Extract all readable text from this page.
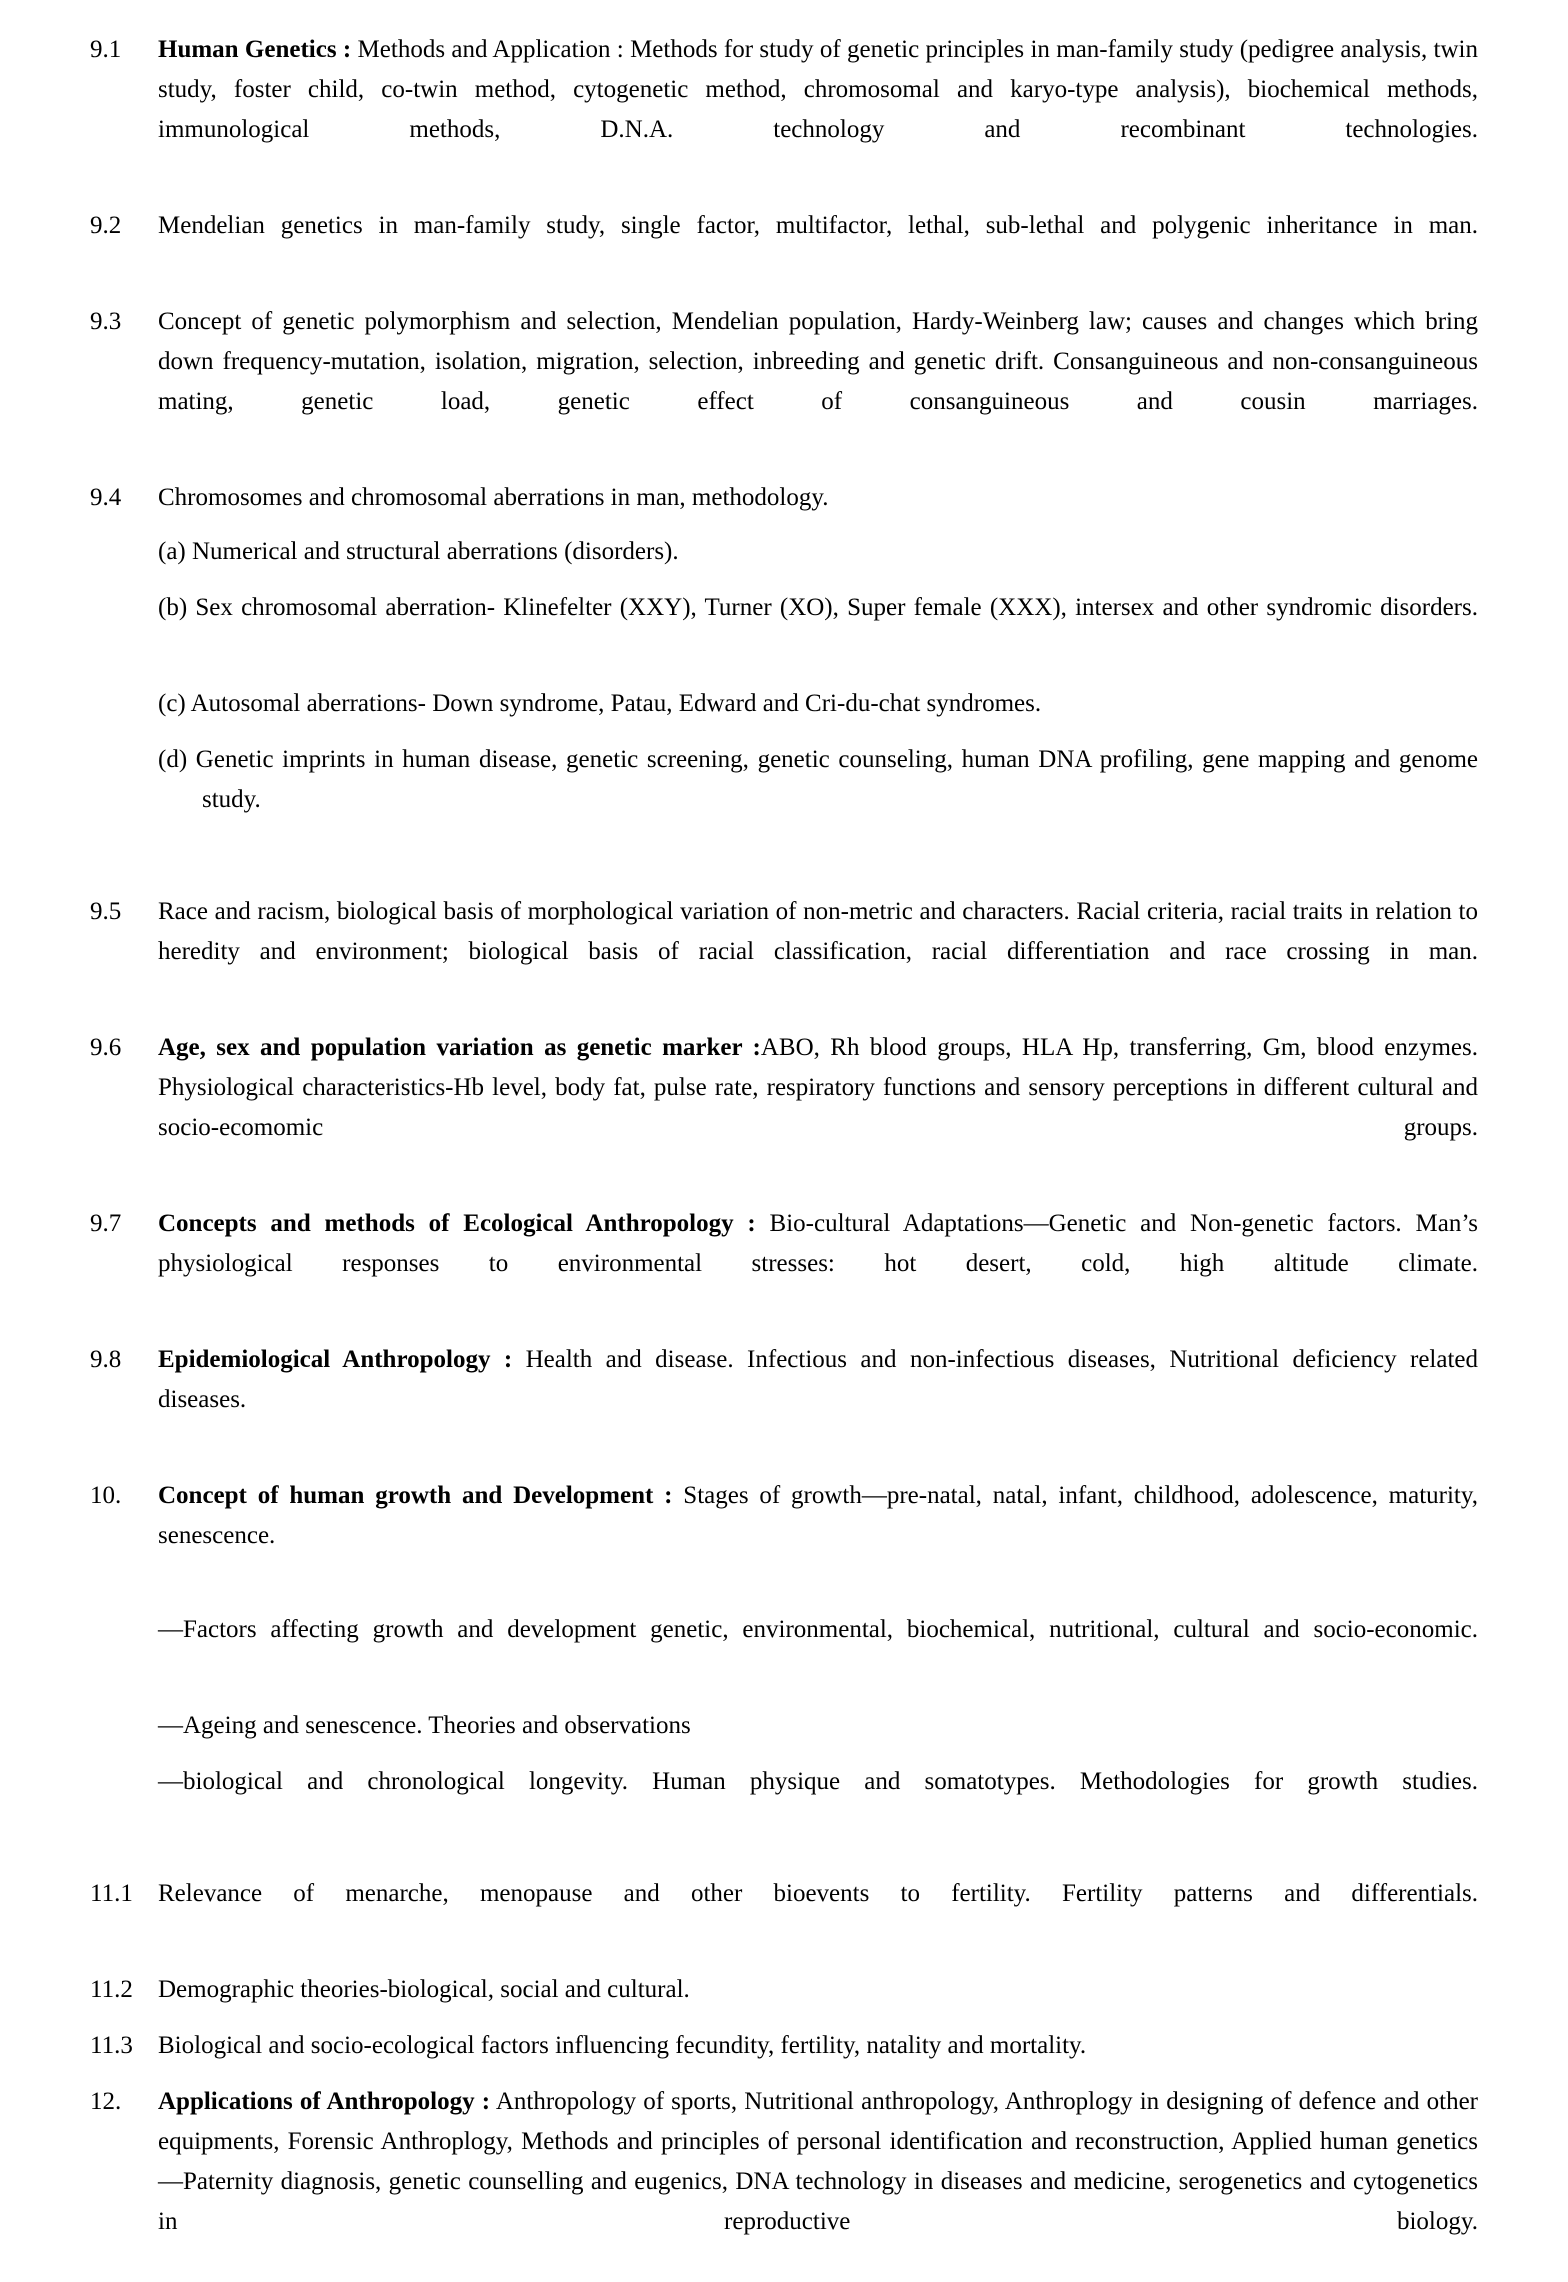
9.1	Human Genetics : Methods and Application : Methods for study of genetic principles in man-family study (pedigree analysis, twin study, foster child, co-twin method, cytogenetic method, chromosomal and karyo-type analysis), biochemical methods, immunological methods, D.N.A. technology and recombinant technologies.
9.2	Mendelian genetics in man-family study, single factor, multifactor, lethal, sub-lethal and polygenic inheritance in man.
9.3	Concept of genetic polymorphism and selection, Mendelian population, Hardy-Weinberg law; causes and changes which bring down frequency-mutation, isolation, migration, selection, inbreeding and genetic drift. Consanguineous and non-consanguineous mating, genetic load, genetic effect of consanguineous and cousin marriages.
9.4	Chromosomes and chromosomal aberrations in man, methodology.
(a) Numerical and structural aberrations (disorders).
(b) Sex chromosomal aberration- Klinefelter (XXY), Turner (XO), Super female (XXX), intersex and other syndromic disorders.
(c) Autosomal aberrations- Down syndrome, Patau, Edward and Cri-du-chat syndromes.
(d) Genetic imprints in human disease, genetic screening, genetic counseling, human DNA profiling, gene mapping and genome study.
9.5	Race and racism, biological basis of morphological variation of non-metric and characters. Racial criteria, racial traits in relation to heredity and environment; biological basis of racial classification, racial differentiation and race crossing in man.
9.6	Age, sex and population variation as genetic marker :ABO, Rh blood groups, HLA Hp, transferring, Gm, blood enzymes. Physiological characteristics-Hb level, body fat, pulse rate, respiratory functions and sensory perceptions in different cultural and socio-ecomomic groups.
9.7	Concepts and methods of Ecological Anthropology : Bio-cultural Adaptations—Genetic and Non-genetic factors. Man’s physiological responses to environmental stresses: hot desert, cold, high altitude climate.
9.8	Epidemiological Anthropology : Health and disease. Infectious and non-infectious diseases, Nutritional deficiency related diseases.
10.	Concept of human growth and Development : Stages of growth—pre-natal, natal, infant, childhood, adolescence, maturity, senescence.
—Factors affecting growth and development genetic, environmental, biochemical, nutritional, cultural and socio-economic.
—Ageing and senescence. Theories and observations
—biological and chronological longevity. Human physique and somatotypes. Methodologies for growth studies.
11.1	Relevance of menarche, menopause and other bioevents to fertility. Fertility patterns and differentials.
11.2	Demographic theories-biological, social and cultural.
11.3	Biological and socio-ecological factors influencing fecundity, fertility, natality and mortality.
12.	Applications of Anthropology : Anthropology of sports, Nutritional anthropology, Anthroplogy in designing of defence and other equipments, Forensic Anthroplogy, Methods and principles of personal identification and reconstruction, Applied human genetics—Paternity diagnosis, genetic counselling and eugenics, DNA technology in diseases and medicine, serogenetics and cytogenetics in reproductive biology.
